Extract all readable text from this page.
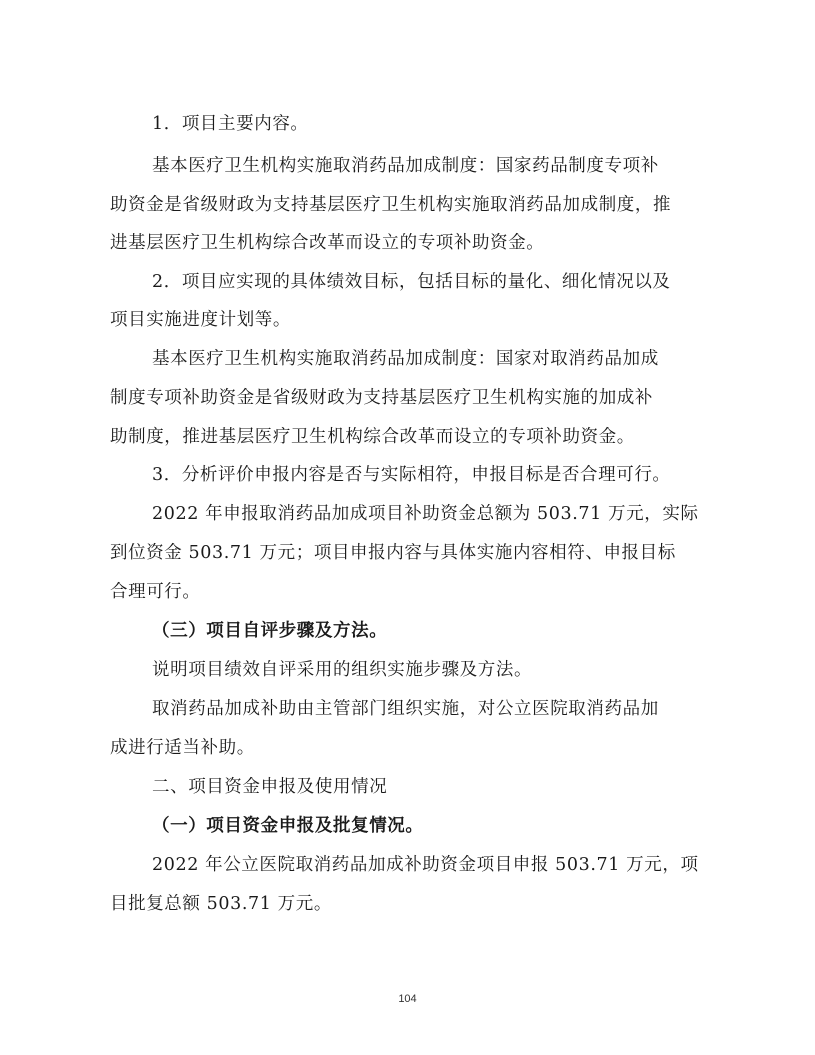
1．项目主要内容。
基本医疗卫生机构实施取消药品加成制度：国家药品制度专项补
助资金是省级财政为支持基层医疗卫生机构实施取消药品加成制度，推
进基层医疗卫生机构综合改革而设立的专项补助资金。
2．项目应实现的具体绩效目标，包括目标的量化、细化情况以及
项目实施进度计划等。
基本医疗卫生机构实施取消药品加成制度：国家对取消药品加成
制度专项补助资金是省级财政为支持基层医疗卫生机构实施的加成补
助制度，推进基层医疗卫生机构综合改革而设立的专项补助资金。
3．分析评价申报内容是否与实际相符，申报目标是否合理可行。
2022 年申报取消药品加成项目补助资金总额为 503.71 万元，实际
到位资金 503.71 万元；项目申报内容与具体实施内容相符、申报目标
合理可行。
（三）项目自评步骤及方法。
说明项目绩效自评采用的组织实施步骤及方法。
取消药品加成补助由主管部门组织实施，对公立医院取消药品加
成进行适当补助。
二、项目资金申报及使用情况
（一）项目资金申报及批复情况。
2022 年公立医院取消药品加成补助资金项目申报 503.71 万元，项
目批复总额 503.71 万元。
104
